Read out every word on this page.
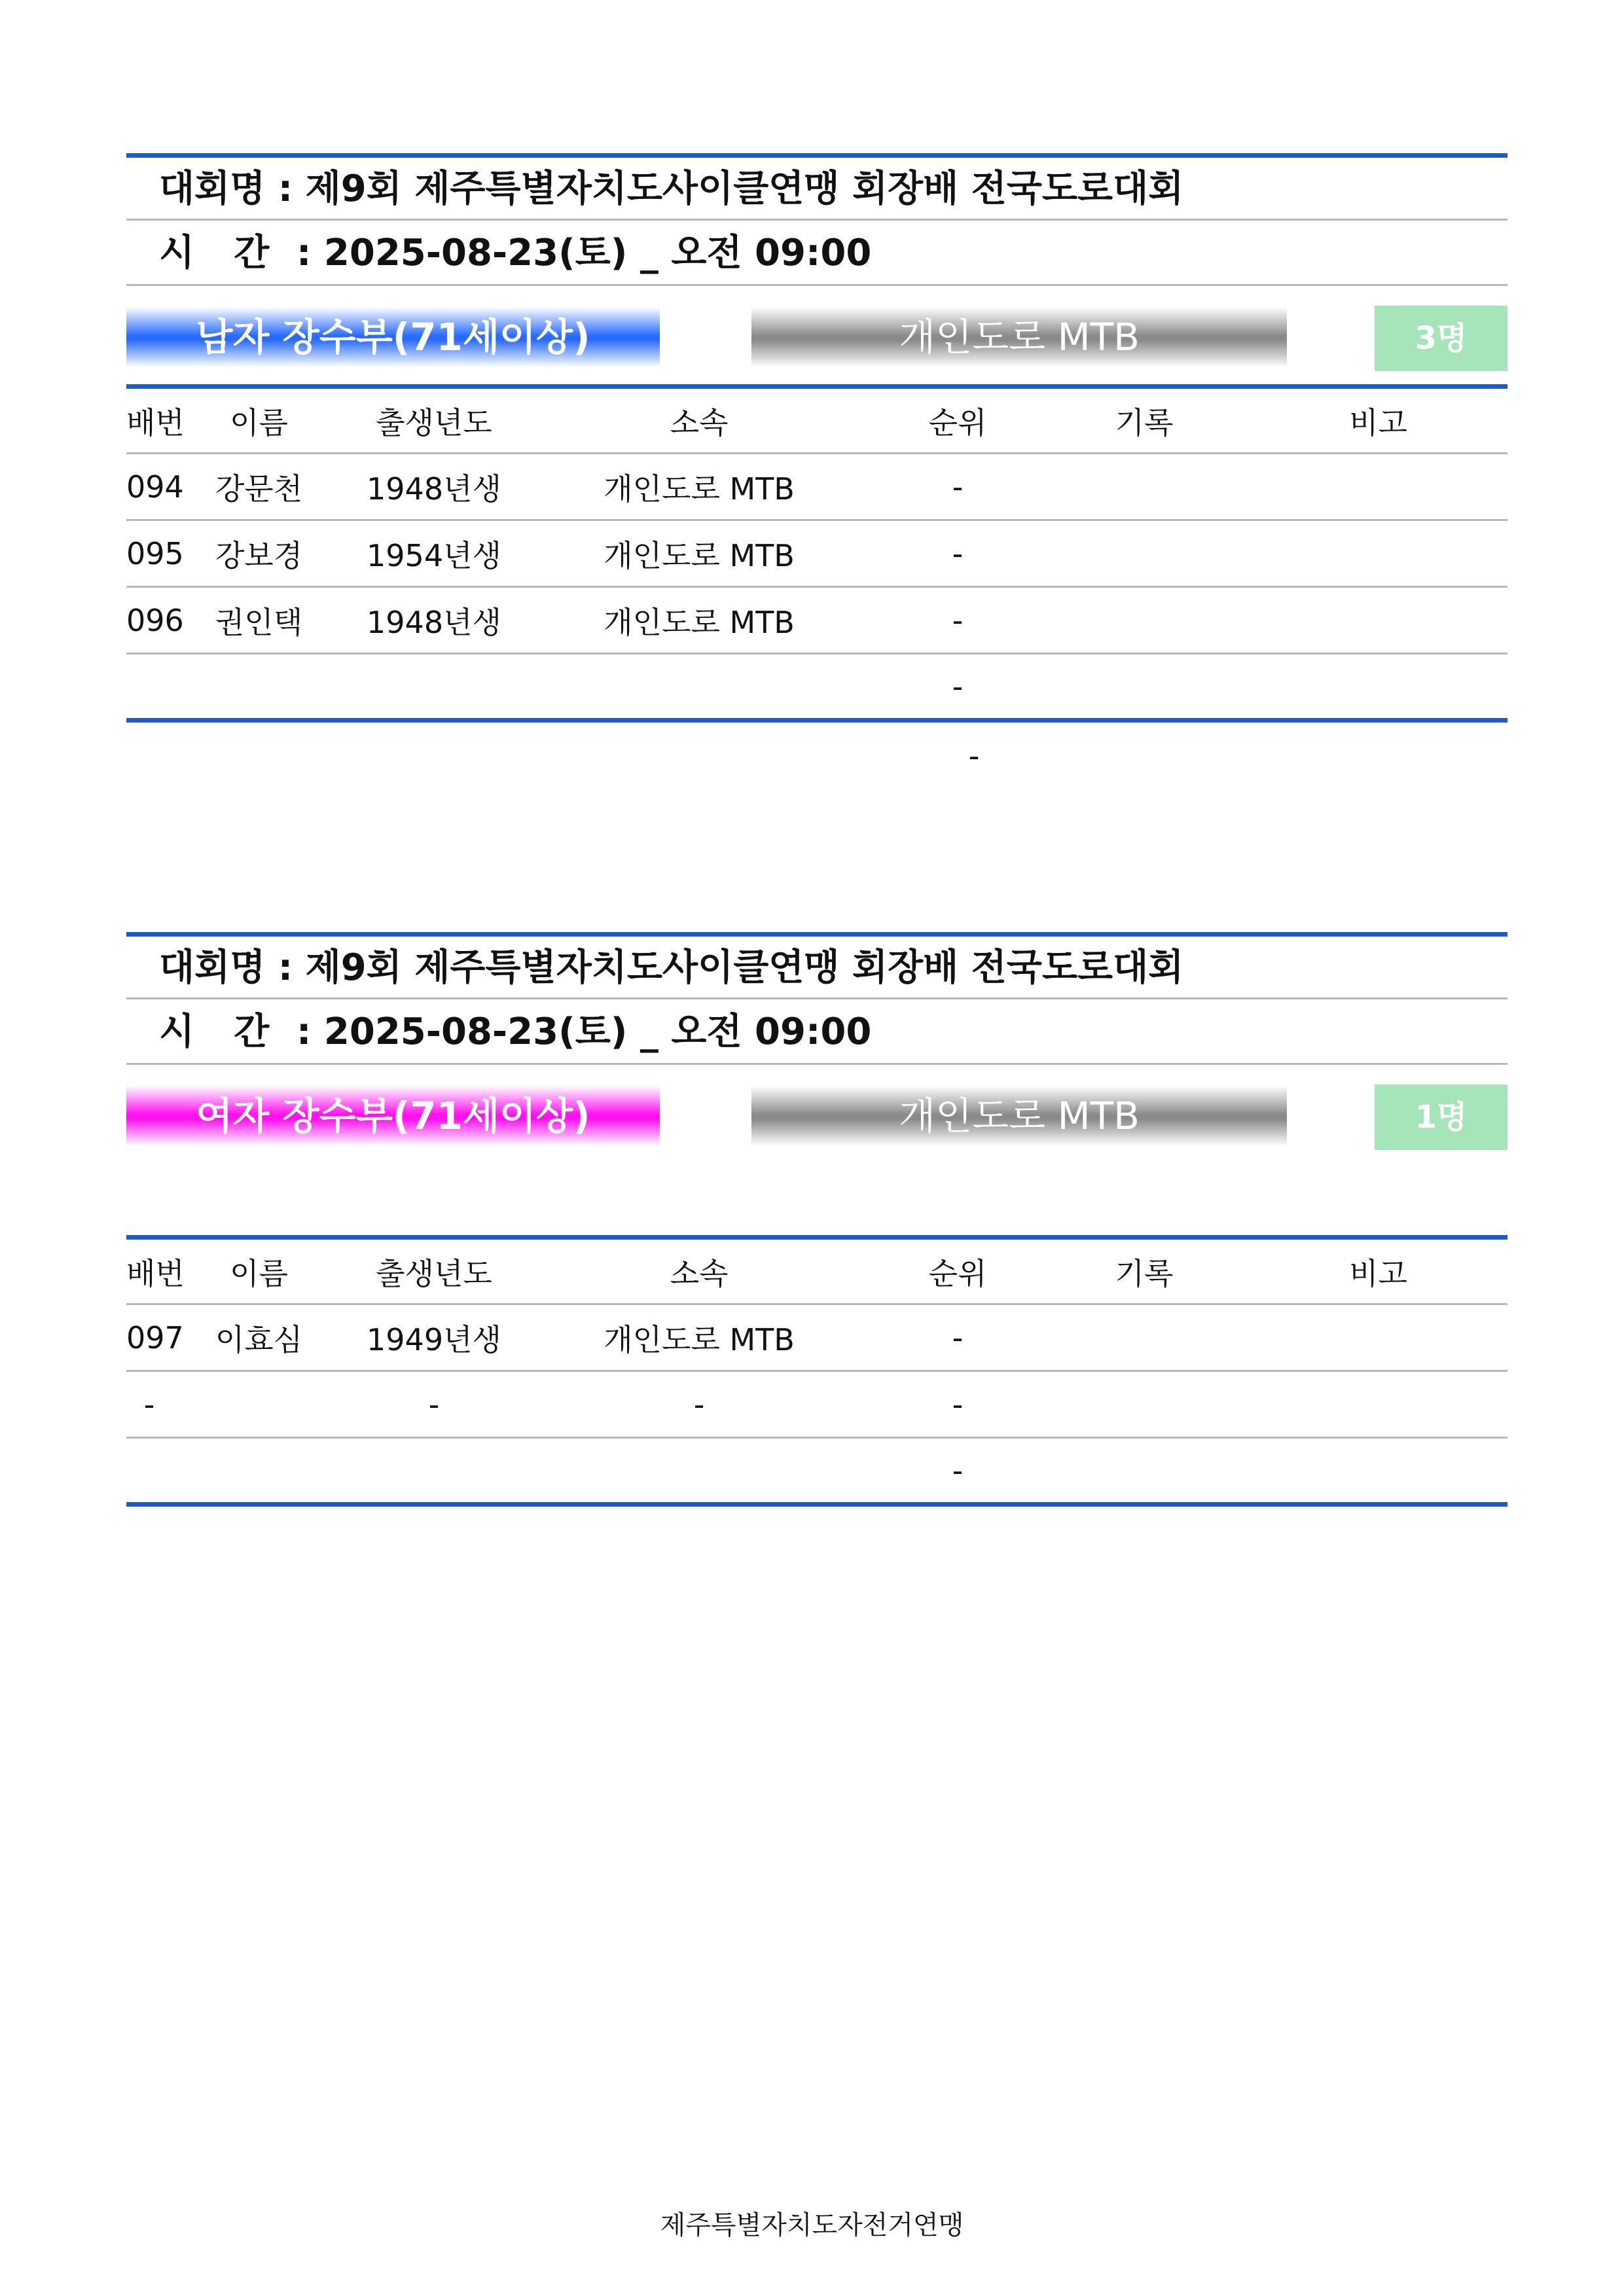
대회명 : 제9회 제주특별자치도사이클연맹 회장배 전국도로대회
시 간 : 2025-08-23(토) _ 오전 09:00
남자 장수부(71세이상)	개인도로 MTB	3명
배번	이름	출생년도	소속	순위	기록	비고
094	강문천	1948년생	개인도로 MTB	-		
095	강보경	1954년생	개인도로 MTB	-		
096	권인택	1948년생	개인도로 MTB	-		
				-		
-
대회명 : 제9회 제주특별자치도사이클연맹 회장배 전국도로대회
시 간 : 2025-08-23(토) _ 오전 09:00
여자 장수부(71세이상)	개인도로 MTB	1명
배번	이름	출생년도	소속	순위	기록	비고
097	이효심	1949년생	개인도로 MTB	-		
-		-	-	-		
				-		
제주특별자치도자전거연맹
